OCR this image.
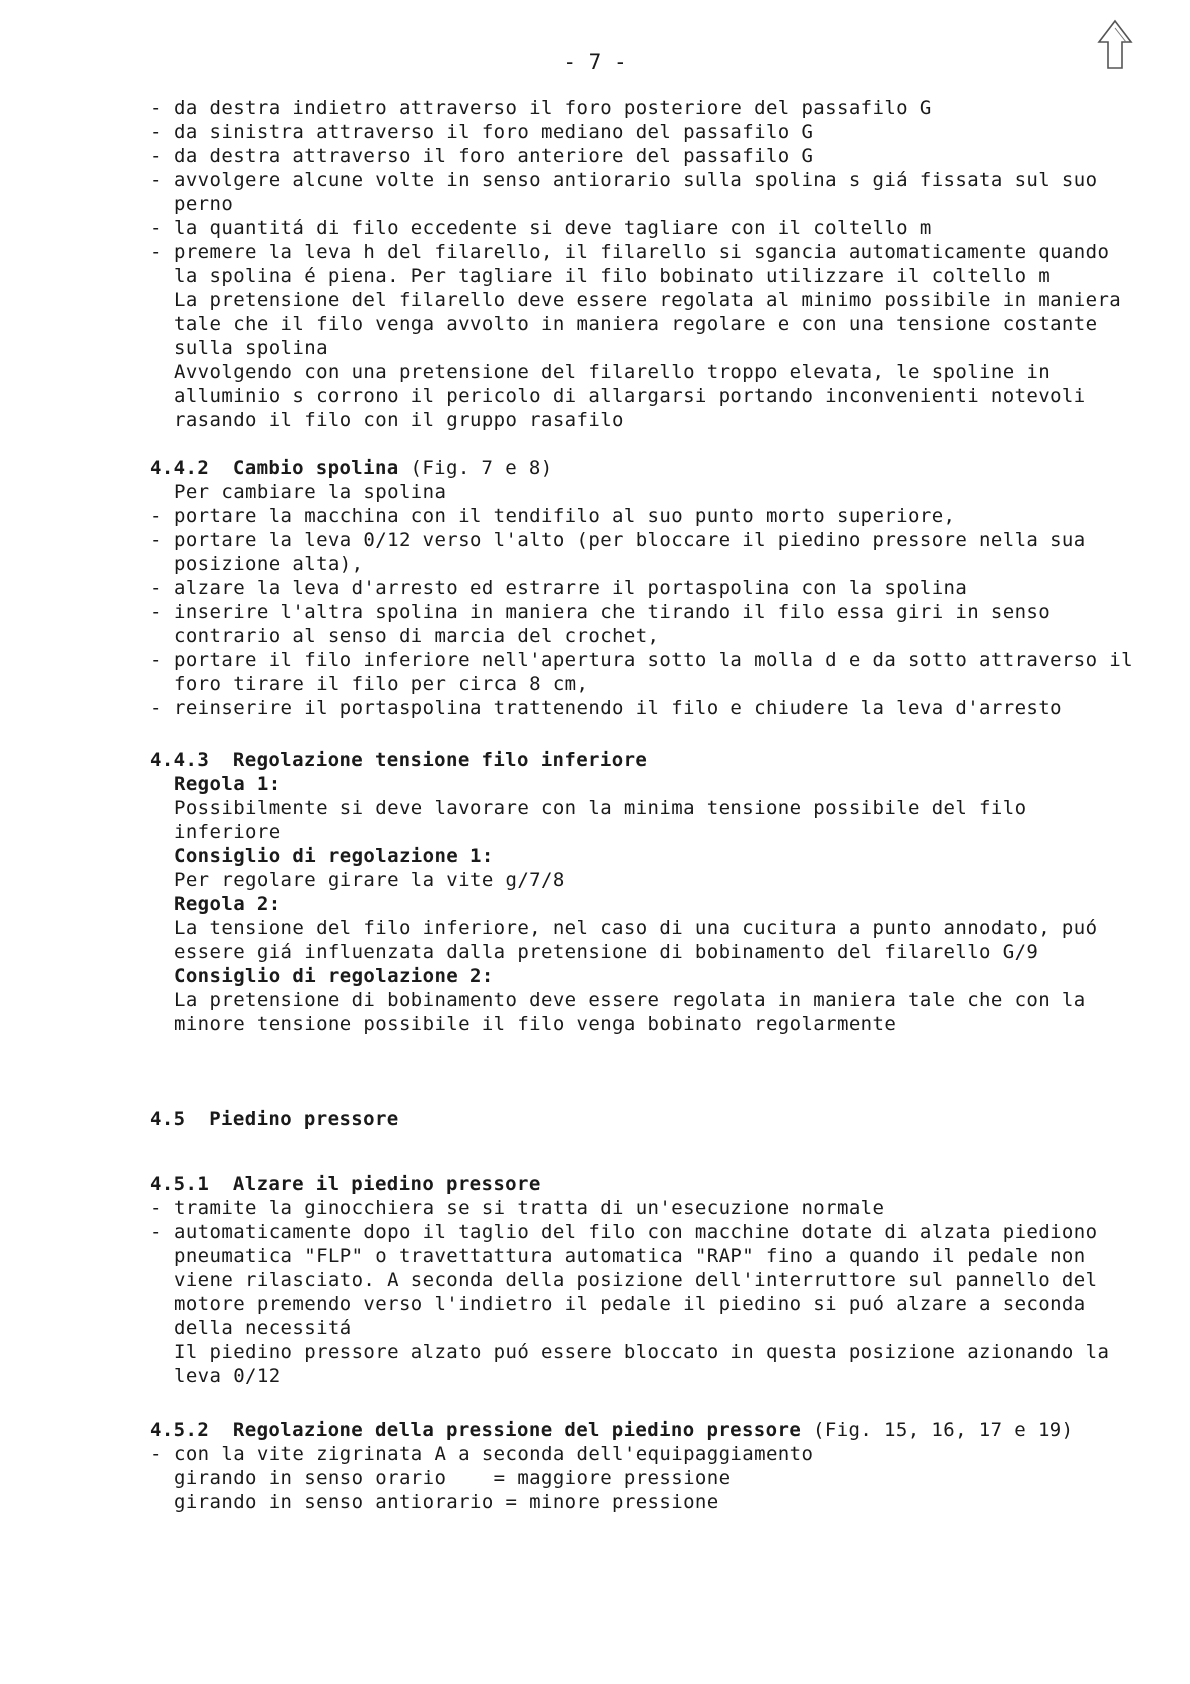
- 7 -
- da destra indietro attraverso il foro posteriore del passafilo G
- da sinistra attraverso il foro mediano del passafilo G
- da destra attraverso il foro anteriore del passafilo G
- avvolgere alcune volte in senso antiorario sulla spolina s giá fissata sul suo
perno
- la quantitá di filo eccedente si deve tagliare con il coltello m
- premere la leva h del filarello, il filarello si sgancia automaticamente quando
la spolina é piena. Per tagliare il filo bobinato utilizzare il coltello m
La pretensione del filarello deve essere regolata al minimo possibile in maniera
tale che il filo venga avvolto in maniera regolare e con una tensione costante
sulla spolina
Avvolgendo con una pretensione del filarello troppo elevata, le spoline in
alluminio s corrono il pericolo di allargarsi portando inconvenienti notevoli
rasando il filo con il gruppo rasafilo
4.4.2 Cambio spolina (Fig. 7 e 8)
Per cambiare la spolina
- portare la macchina con il tendifilo al suo punto morto superiore,
- portare la leva 0/12 verso l'alto (per bloccare il piedino pressore nella sua
posizione alta),
- alzare la leva d'arresto ed estrarre il portaspolina con la spolina
- inserire l'altra spolina in maniera che tirando il filo essa giri in senso
contrario al senso di marcia del crochet,
- portare il filo inferiore nell'apertura sotto la molla d e da sotto attraverso il
foro tirare il filo per circa 8 cm,
- reinserire il portaspolina trattenendo il filo e chiudere la leva d'arresto
4.4.3 Regolazione tensione filo inferiore
Regola 1:
Possibilmente si deve lavorare con la minima tensione possibile del filo
inferiore
Consiglio di regolazione 1:
Per regolare girare la vite g/7/8
Regola 2:
La tensione del filo inferiore, nel caso di una cucitura a punto annodato, puó
essere giá influenzata dalla pretensione di bobinamento del filarello G/9
Consiglio di regolazione 2:
La pretensione di bobinamento deve essere regolata in maniera tale che con la
minore tensione possibile il filo venga bobinato regolarmente
4.5 Piedino pressore
4.5.1 Alzare il piedino pressore
- tramite la ginocchiera se si tratta di un'esecuzione normale
- automaticamente dopo il taglio del filo con macchine dotate di alzata piediono
pneumatica "FLP" o travettattura automatica "RAP" fino a quando il pedale non
viene rilasciato. A seconda della posizione dell'interruttore sul pannello del
motore premendo verso l'indietro il pedale il piedino si puó alzare a seconda
della necessitá
Il piedino pressore alzato puó essere bloccato in questa posizione azionando la
leva 0/12
4.5.2 Regolazione della pressione del piedino pressore (Fig. 15, 16, 17 e 19)
- con la vite zigrinata A a seconda dell'equipaggiamento
girando in senso orario    = maggiore pressione
girando in senso antiorario = minore pressione
